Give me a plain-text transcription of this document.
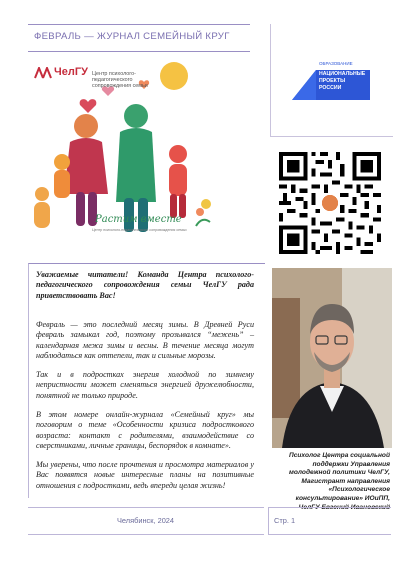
ФЕВРАЛЬ — ЖУРНАЛ СЕМЕЙНЫЙ КРУГ
ЧелГУ Центр психолого-педагогического сопровождения семьи
Растим вместе
Центр психолого-педагогического сопровождения семьи
ОБРАЗОВАНИЕ
НАЦИОНАЛЬНЫЕ ПРОЕКТЫ РОССИИ

Уважаемые читатели! Команда Центра психолого-педагогического сопровождения семьи ЧелГУ рада приветствовать Вас!

Февраль — это последний месяц зимы. В Древней Руси февраль замыкал год, поэтому прозывался “межень” – календарная межа зимы и весны. В течение месяца могут наблюдаться как оттепели, так и сильные морозы.

Так и в подростках энергия холодной по зимнему непристности может сменяться энергией дружелюбности, понятной не только природе.

В этом номере онлайн-журнала «Семейный круг» мы поговорим о теме «Особенности кризиса подросткового возраста: контакт с родителями, взаимодействие со сверстниками, личные границы, беспорядок в комнате».

Мы уверены, что после прочтения и просмотра материалов у Вас появятся новые интересные планы на позитивные отношения с подростками, ведь впереди целая жизнь!

Психолог Центра социальной поддержки Управления молодежной политики ЧелГУ, Магистрант направления «Психологическое консультирование» ИОиПП, ЧелГУ Евгений Ивановский

Челябинск, 2024	Стр. 1
